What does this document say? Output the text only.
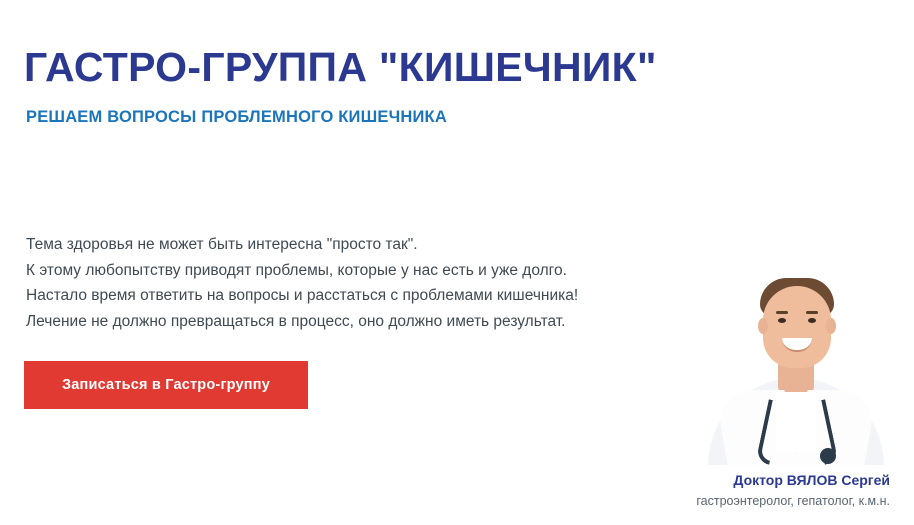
ГАСТРО-ГРУППА "КИШЕЧНИК"
РЕШАЕМ ВОПРОСЫ ПРОБЛЕМНОГО КИШЕЧНИКА
Тема здоровья не может быть интересна "просто так".
К этому любопытству приводят проблемы, которые у нас есть и уже долго.
Настало время ответить на вопросы и расстаться с проблемами кишечника!
Лечение не должно превращаться в процесс, оно должно иметь результат.
Записаться в Гастро-группу
Доктор ВЯЛОВ Сергей
гастроэнтеролог, гепатолог, к.м.н.
